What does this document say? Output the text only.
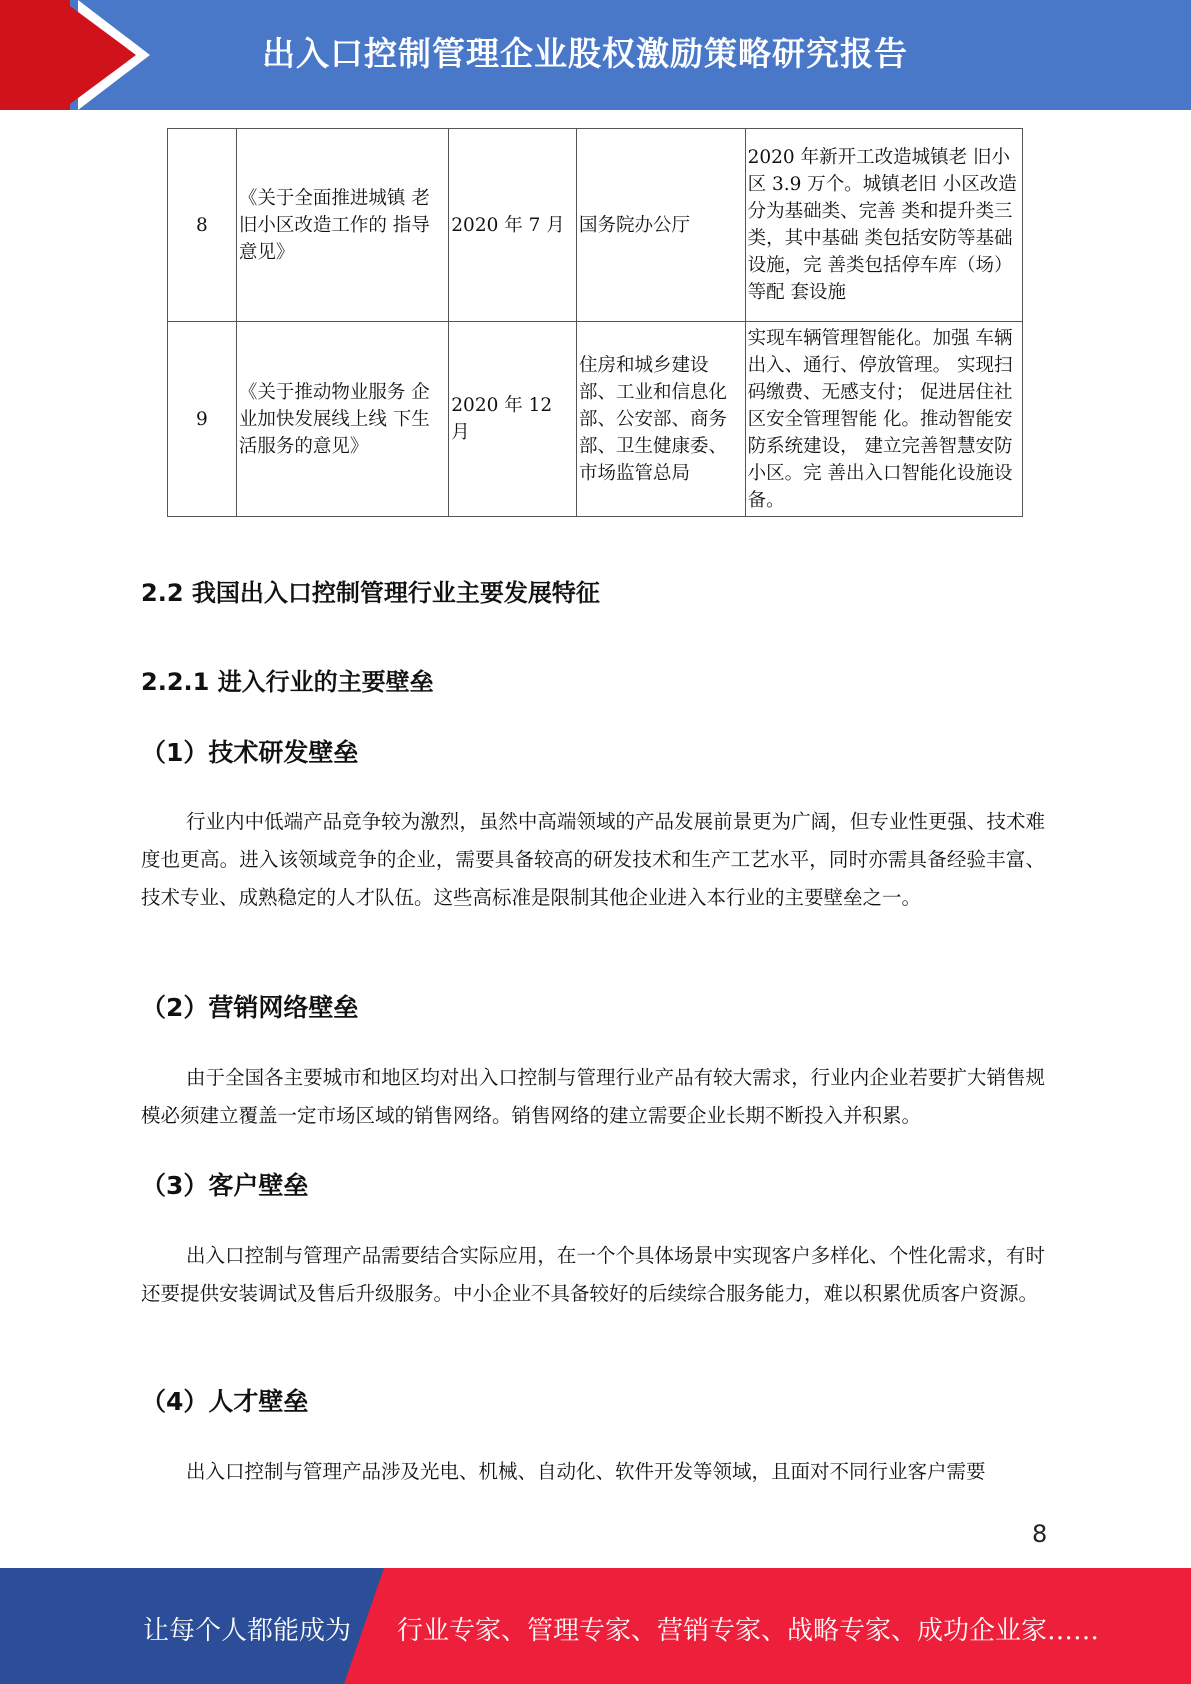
出入口控制管理企业股权激励策略研究报告
8	《关于全面推进城镇 老旧小区改造工作的 指导意见》	2020 年 7 月	国务院办公厅	2020 年新开工改造城镇老 旧小区 3.9 万个。城镇老旧 小区改造分为基础类、完善 类和提升类三类，其中基础 类包括安防等基础设施，完 善类包括停车库（场）等配 套设施
9	《关于推动物业服务 企业加快发展线上线 下生活服务的意见》	2020 年 12 月	住房和城乡建设部、工业和信息化部、公安部、商务部、卫生健康委、市场监管总局	实现车辆管理智能化。加强 车辆出入、通行、停放管理。 实现扫码缴费、无感支付； 促进居住社区安全管理智能 化。推动智能安防系统建设， 建立完善智慧安防小区。完 善出入口智能化设施设备。
2.2 我国出入口控制管理行业主要发展特征
2.2.1 进入行业的主要壁垒
（1）技术研发壁垒
行业内中低端产品竞争较为激烈，虽然中高端领域的产品发展前景更为广阔，但专业性更强、技术难度也更高。进入该领域竞争的企业，需要具备较高的研发技术和生产工艺水平，同时亦需具备经验丰富、技术专业、成熟稳定的人才队伍。这些高标准是限制其他企业进入本行业的主要壁垒之一。
（2）营销网络壁垒
由于全国各主要城市和地区均对出入口控制与管理行业产品有较大需求，行业内企业若要扩大销售规模必须建立覆盖一定市场区域的销售网络。销售网络的建立需要企业长期不断投入并积累。
（3）客户壁垒
出入口控制与管理产品需要结合实际应用，在一个个具体场景中实现客户多样化、个性化需求，有时还要提供安装调试及售后升级服务。中小企业不具备较好的后续综合服务能力，难以积累优质客户资源。
（4）人才壁垒
出入口控制与管理产品涉及光电、机械、自动化、软件开发等领域，且面对不同行业客户需要
8
让每个人都能成为 行业专家、管理专家、营销专家、战略专家、成功企业家……
